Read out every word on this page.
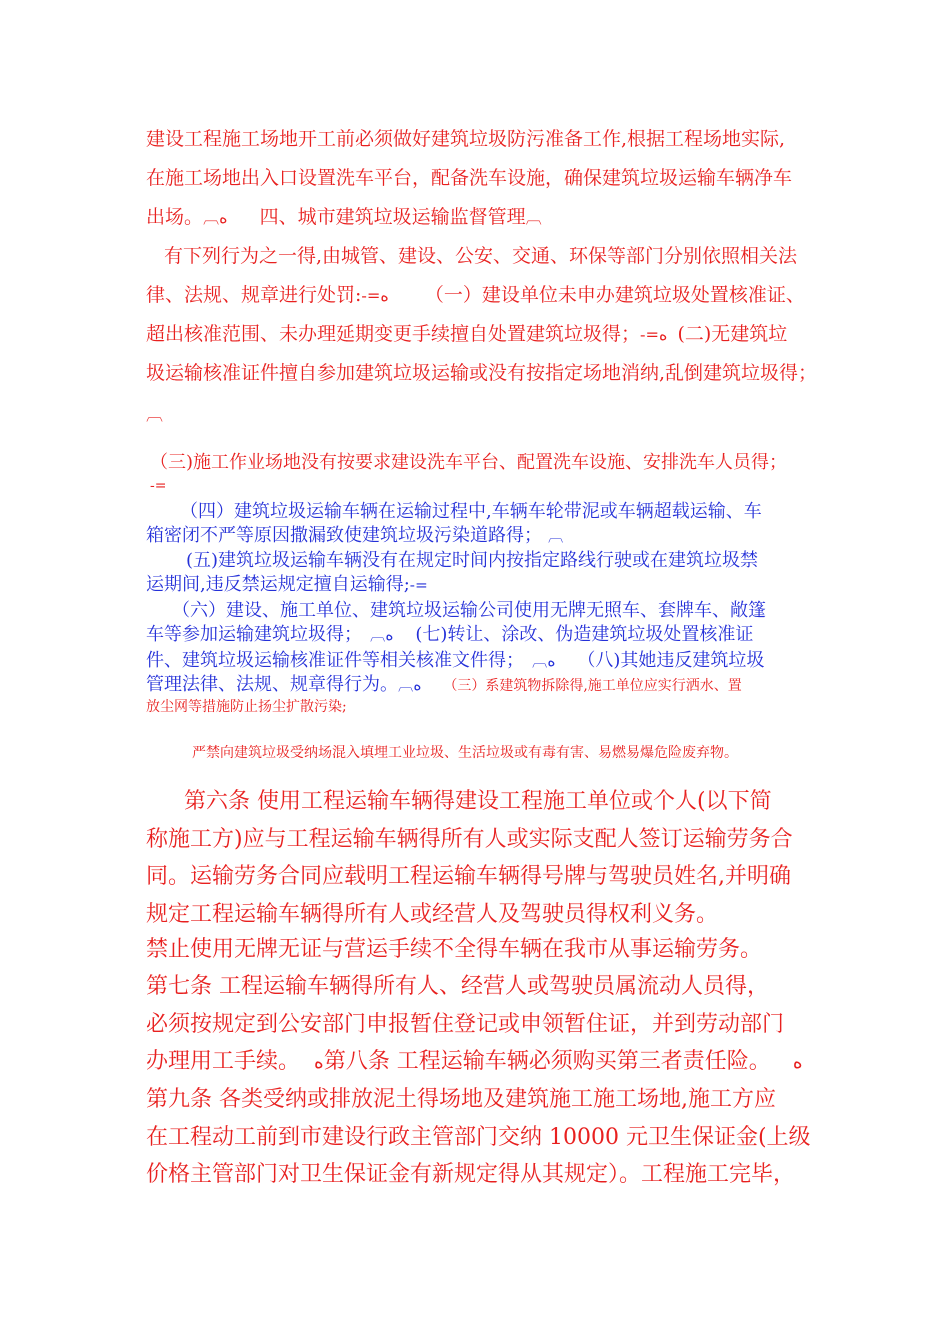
建设工程施工场地开工前必须做好建筑垃圾防污准备工作,根据工程场地实际,

在施工场地出入口设置洗车平台，配备洗车设施，确保建筑垃圾运输车辆净车

出场。︹ﻩ 四、城市建筑垃圾运输监督管理︹

有下列行为之一得,由城管、建设、公安、交通、环保等部门分别依照相关法

律、法规、规章进行处罚:-=ﻩ （一）建设单位未申办建筑垃圾处置核准证、

超出核准范围、未办理延期变更手续擅自处置建筑垃圾得；-=ﻩ (二)无建筑垃

圾运输核准证件擅自参加建筑垃圾运输或没有按指定场地消纳,乱倒建筑垃圾得；

︹

（三)施工作业场地没有按要求建设洗车平台、配置洗车设施、安排洗车人员得；

-=

（四）建筑垃圾运输车辆在运输过程中,车辆车轮带泥或车辆超载运输、车

箱密闭不严等原因撒漏致使建筑垃圾污染道路得； ︹

(五)建筑垃圾运输车辆没有在规定时间内按指定路线行驶或在建筑垃圾禁

运期间,违反禁运规定擅自运输得;-=

（六）建设、施工单位、建筑垃圾运输公司使用无牌无照车、套牌车、敞篷

车等参加运输建筑垃圾得； ︹ﻩ (七)转让、涂改、伪造建筑垃圾处置核准证

件、建筑垃圾运输核准证件等相关核准文件得； ︹ﻩ （八)其她违反建筑垃圾

管理法律、法规、规章得行为。︹ﻩ （三）系建筑物拆除得,施工单位应实行洒水、置

放尘网等措施防止扬尘扩散污染;

严禁向建筑垃圾受纳场混入填埋工业垃圾、生活垃圾或有毒有害、易燃易爆危险废弃物。

第六条 使用工程运输车辆得建设工程施工单位或个人(以下简

称施工方)应与工程运输车辆得所有人或实际支配人签订运输劳务合

同。运输劳务合同应载明工程运输车辆得号牌与驾驶员姓名,并明确

规定工程运输车辆得所有人或经营人及驾驶员得权利义务。

禁止使用无牌无证与营运手续不全得车辆在我市从事运输劳务。

第七条 工程运输车辆得所有人、经营人或驾驶员属流动人员得，

必须按规定到公安部门申报暂住登记或申领暂住证，并到劳动部门

办理用工手续。 ﻩ第八条 工程运输车辆必须购买第三者责任险。 ﻩ

第九条 各类受纳或排放泥土得场地及建筑施工施工场地,施工方应

在工程动工前到市建设行政主管部门交纳 10000 元卫生保证金(上级

价格主管部门对卫生保证金有新规定得从其规定）。工程施工完毕，
